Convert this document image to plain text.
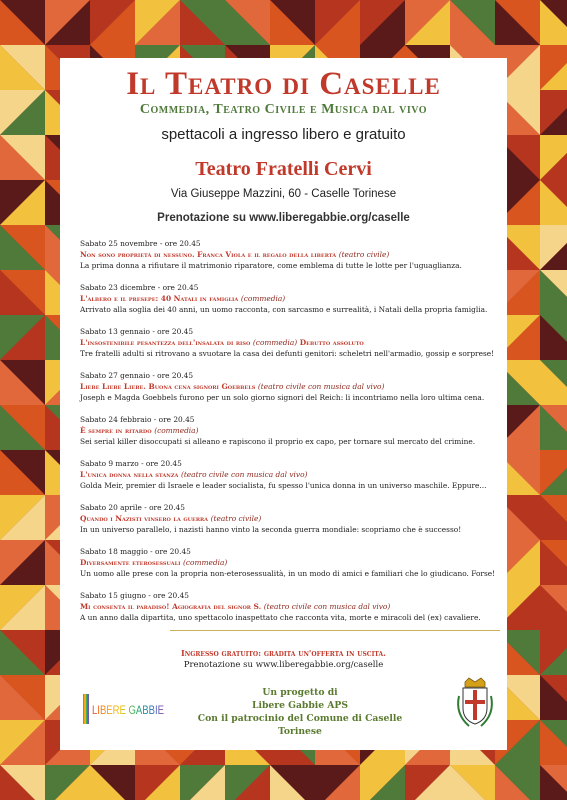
Il Teatro di Caselle
Commedia, Teatro Civile e Musica dal vivo
spettacoli a ingresso libero e gratuito
Teatro Fratelli Cervi
Via Giuseppe Mazzini, 60 - Caselle Torinese
Prenotazione su www.liberegabbie.org/caselle
Sabato 25 novembre - ore 20.45
Non sono proprietà di nessuno. Franca Viola e il regalo della libertà (teatro civile)
La prima donna a rifiutare il matrimonio riparatore, come emblema di tutte le lotte per l'uguaglianza.
Sabato 23 dicembre - ore 20.45
L'albero e il presepe: 40 Natali in famiglia (commedia)
Arrivato alla soglia dei 40 anni, un uomo racconta, con sarcasmo e surrealità, i Natali della propria famiglia.
Sabato 13 gennaio - ore 20.45
L'insostenibile pesantezza dell'insalata di riso (commedia) Debutto assoluto
Tre fratelli adulti si ritrovano a svuotare la casa dei defunti genitori: scheletri nell'armadio, gossip e sorprese!
Sabato 27 gennaio - ore 20.45
Liebe Liebe Liebe. Buona cena signori Goebbels (teatro civile con musica dal vivo)
Joseph e Magda Goebbels furono per un solo giorno signori del Reich: li incontriamo nella loro ultima cena.
Sabato 24 febbraio - ore 20.45
È sempre in ritardo (commedia)
Sei serial killer disoccupati si alleano e rapiscono il proprio ex capo, per tornare sul mercato del crimine.
Sabato 9 marzo - ore 20.45
L'unica donna nella stanza (teatro civile con musica dal vivo)
Golda Meir, premier di Israele e leader socialista, fu spesso l'unica donna in un universo maschile. Eppure...
Sabato 20 aprile - ore 20.45
Quando i Nazisti vinsero la guerra (teatro civile)
In un universo parallelo, i nazisti hanno vinto la seconda guerra mondiale: scopriamo che è successo!
Sabato 18 maggio - ore 20.45
Diversamente eterosessuali (commedia)
Un uomo alle prese con la propria non-eterosessualità, in un modo di amici e familiari che lo giudicano. Forse!
Sabato 15 giugno - ore 20.45
Mi consenta il paradiso! Agiografia del signor S. (teatro civile con musica dal vivo)
A un anno dalla dipartita, uno spettacolo inaspettato che racconta vita, morte e miracoli del (ex) cavaliere.
Ingresso gratuito: gradita un'offerta in uscita.
Prenotazione su www.liberegabbie.org/caselle
LIBERE GABBIE
Un progetto di
Libere Gabbie APS
Con il patrocinio del Comune di Caselle Torinese
